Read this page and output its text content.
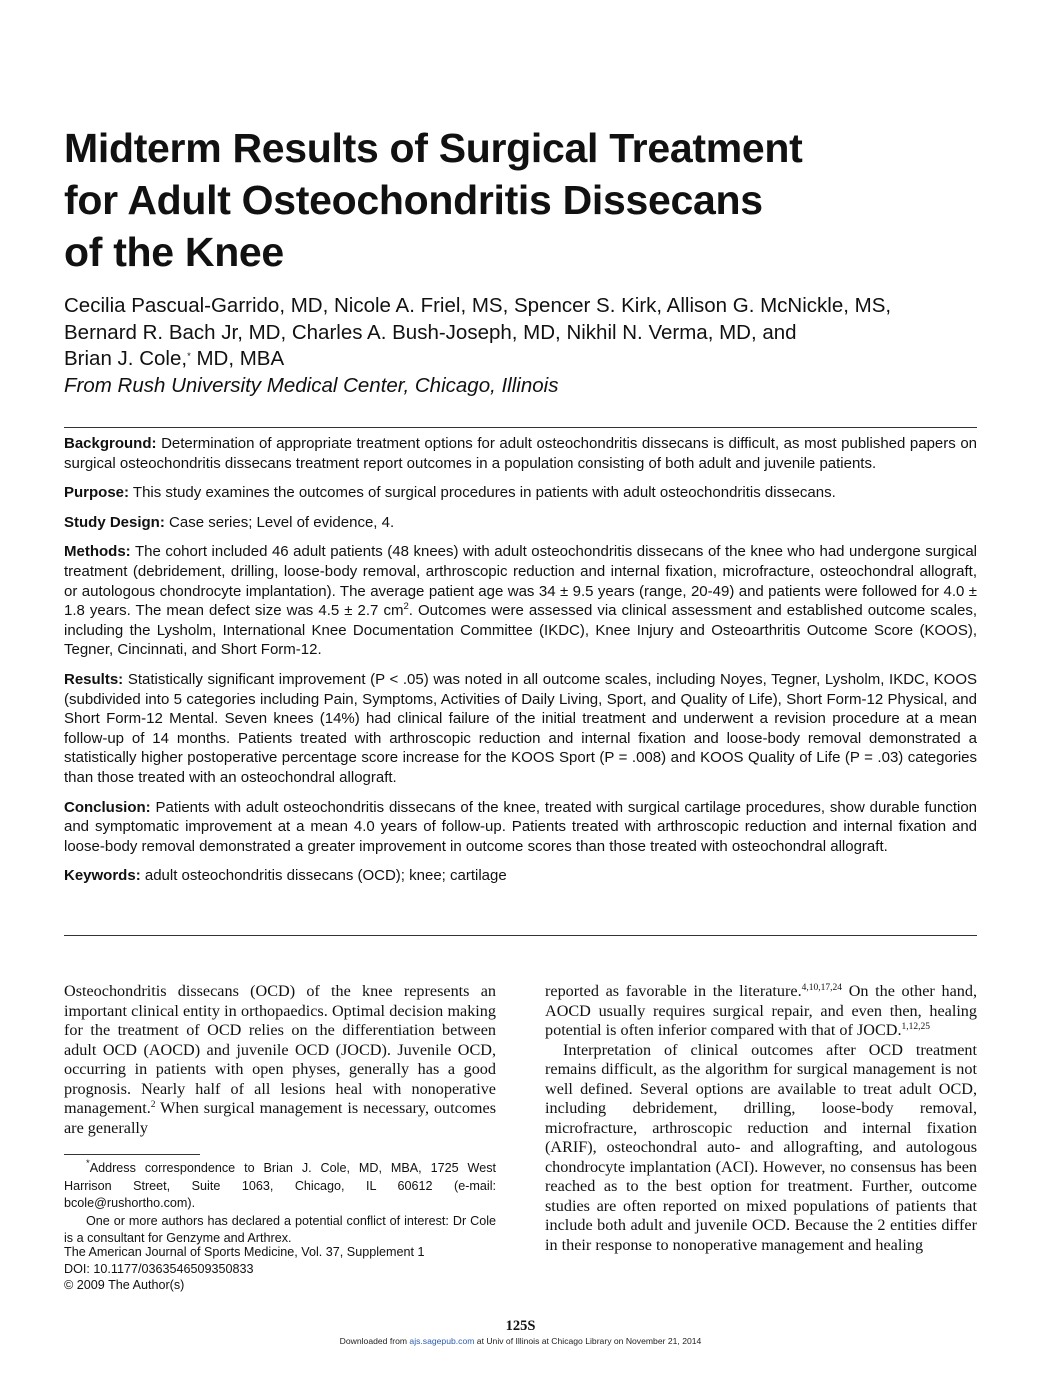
Midterm Results of Surgical Treatment
for Adult Osteochondritis Dissecans
of the Knee
Cecilia Pascual-Garrido, MD, Nicole A. Friel, MS, Spencer S. Kirk, Allison G. McNickle, MS,
Bernard R. Bach Jr, MD, Charles A. Bush-Joseph, MD, Nikhil N. Verma, MD, and
Brian J. Cole,* MD, MBA
From Rush University Medical Center, Chicago, Illinois

Background: Determination of appropriate treatment options for adult osteochondritis dissecans is difficult, as most published papers on surgical osteochondritis dissecans treatment report outcomes in a population consisting of both adult and juvenile patients.

Purpose: This study examines the outcomes of surgical procedures in patients with adult osteochondritis dissecans.

Study Design: Case series; Level of evidence, 4.

Methods: The cohort included 46 adult patients (48 knees) with adult osteochondritis dissecans of the knee who had undergone surgical treatment (debridement, drilling, loose-body removal, arthroscopic reduction and internal fixation, microfracture, osteochondral allograft, or autologous chondrocyte implantation). The average patient age was 34 ± 9.5 years (range, 20-49) and patients were followed for 4.0 ± 1.8 years. The mean defect size was 4.5 ± 2.7 $cm^2$. Outcomes were assessed via clinical assessment and established outcome scales, including the Lysholm, International Knee Documentation Committee (IKDC), Knee Injury and Osteoarthritis Outcome Score (KOOS), Tegner, Cincinnati, and Short Form-12.

Results: Statistically significant improvement (P < .05) was noted in all outcome scales, including Noyes, Tegner, Lysholm, IKDC, KOOS (subdivided into 5 categories including Pain, Symptoms, Activities of Daily Living, Sport, and Quality of Life), Short Form-12 Physical, and Short Form-12 Mental. Seven knees (14%) had clinical failure of the initial treatment and underwent a revision procedure at a mean follow-up of 14 months. Patients treated with arthroscopic reduction and internal fixation and loose-body removal demonstrated a statistically higher postoperative percentage score increase for the KOOS Sport (P = .008) and KOOS Quality of Life (P = .03) categories than those treated with an osteochondral allograft.

Conclusion: Patients with adult osteochondritis dissecans of the knee, treated with surgical cartilage procedures, show durable function and symptomatic improvement at a mean 4.0 years of follow-up. Patients treated with arthroscopic reduction and internal fixation and loose-body removal demonstrated a greater improvement in outcome scores than those treated with osteochondral allograft.

Keywords: adult osteochondritis dissecans (OCD); knee; cartilage

Osteochondritis dissecans (OCD) of the knee represents an important clinical entity in orthopaedics. Optimal decision making for the treatment of OCD relies on the differentiation between adult OCD (AOCD) and juvenile OCD (JOCD). Juvenile OCD, occurring in patients with open physes, generally has a good prognosis. Nearly half of all lesions heal with nonoperative management.$^2$ When surgical management is necessary, outcomes are generally

*Address correspondence to Brian J. Cole, MD, MBA, 1725 West Harrison Street, Suite 1063, Chicago, IL 60612 (e-mail: bcole@rushortho.com).

One or more authors has declared a potential conflict of interest: Dr Cole is a consultant for Genzyme and Arthrex.

The American Journal of Sports Medicine, Vol. 37, Supplement 1
DOI: 10.1177/0363546509350833
© 2009 The Author(s)

reported as favorable in the literature.$^{4,10,17,24}$ On the other hand, AOCD usually requires surgical repair, and even then, healing potential is often inferior compared with that of JOCD.$^{1,12,25}$

Interpretation of clinical outcomes after OCD treatment remains difficult, as the algorithm for surgical management is not well defined. Several options are available to treat adult OCD, including debridement, drilling, loose-body removal, microfracture, arthroscopic reduction and internal fixation (ARIF), osteochondral auto- and allografting, and autologous chondrocyte implantation (ACI). However, no consensus has been reached as to the best option for treatment. Further, outcome studies are often reported on mixed populations of patients that include both adult and juvenile OCD. Because the 2 entities differ in their response to nonoperative management and healing

125S
Downloaded from ajs.sagepub.com at Univ of Illinois at Chicago Library on November 21, 2014
